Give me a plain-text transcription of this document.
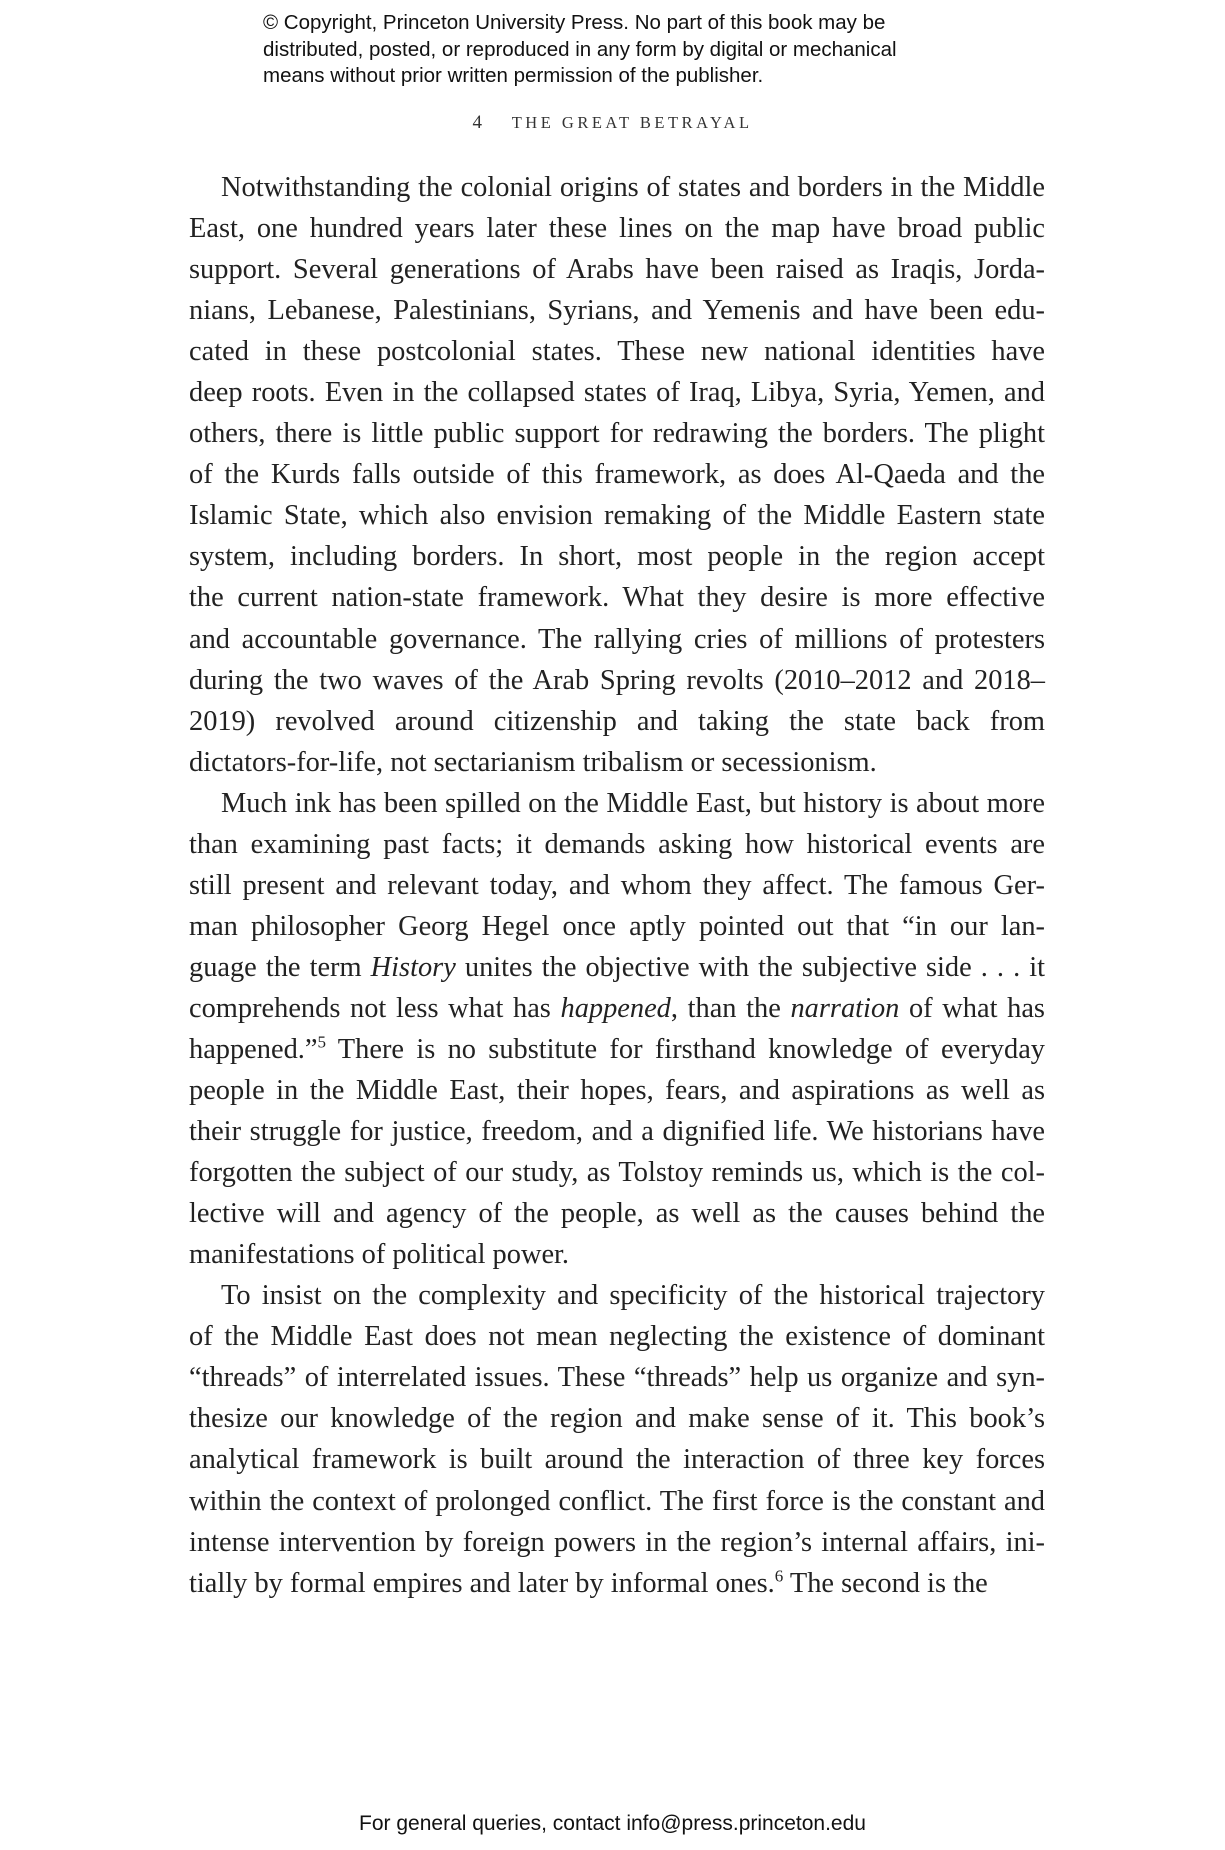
© Copyright, Princeton University Press. No part of this book may be
distributed, posted, or reproduced in any form by digital or mechanical
means without prior written permission of the publisher.
4 THE GREAT BETRAYAL
Notwithstanding the colonial origins of states and borders in the Middle
East, one hundred years later these lines on the map have broad public
support. Several generations of Arabs have been raised as Iraqis, Jorda-
nians, Lebanese, Palestinians, Syrians, and Yemenis and have been edu-
cated in these postcolonial states. These new national identities have
deep roots. Even in the collapsed states of Iraq, Libya, Syria, Yemen, and
others, there is little public support for redrawing the borders. The plight
of the Kurds falls outside of this framework, as does Al-Qaeda and the
Islamic State, which also envision remaking of the Middle Eastern state
system, including borders. In short, most people in the region accept
the current nation-state framework. What they desire is more effective
and accountable governance. The rallying cries of millions of protesters
during the two waves of the Arab Spring revolts (2010–2012 and 2018–
2019) revolved around citizenship and taking the state back from
dictators-for-life, not sectarianism tribalism or secessionism.
Much ink has been spilled on the Middle East, but history is about more
than examining past facts; it demands asking how historical events are
still present and relevant today, and whom they affect. The famous Ger-
man philosopher Georg Hegel once aptly pointed out that “in our lan-
guage the term History unites the objective with the subjective side . . . it
comprehends not less what has happened, than the narration of what has
happened.”$^5$ There is no substitute for firsthand knowledge of everyday
people in the Middle East, their hopes, fears, and aspirations as well as
their struggle for justice, freedom, and a dignified life. We historians have
forgotten the subject of our study, as Tolstoy reminds us, which is the col-
lective will and agency of the people, as well as the causes behind the
manifestations of political power.
To insist on the complexity and specificity of the historical trajectory
of the Middle East does not mean neglecting the existence of dominant
“threads” of interrelated issues. These “threads” help us organize and syn-
thesize our knowledge of the region and make sense of it. This book’s
analytical framework is built around the interaction of three key forces
within the context of prolonged conflict. The first force is the constant and
intense intervention by foreign powers in the region’s internal affairs, ini-
tially by formal empires and later by informal ones.$^6$ The second is the
For general queries, contact info@press.princeton.edu
